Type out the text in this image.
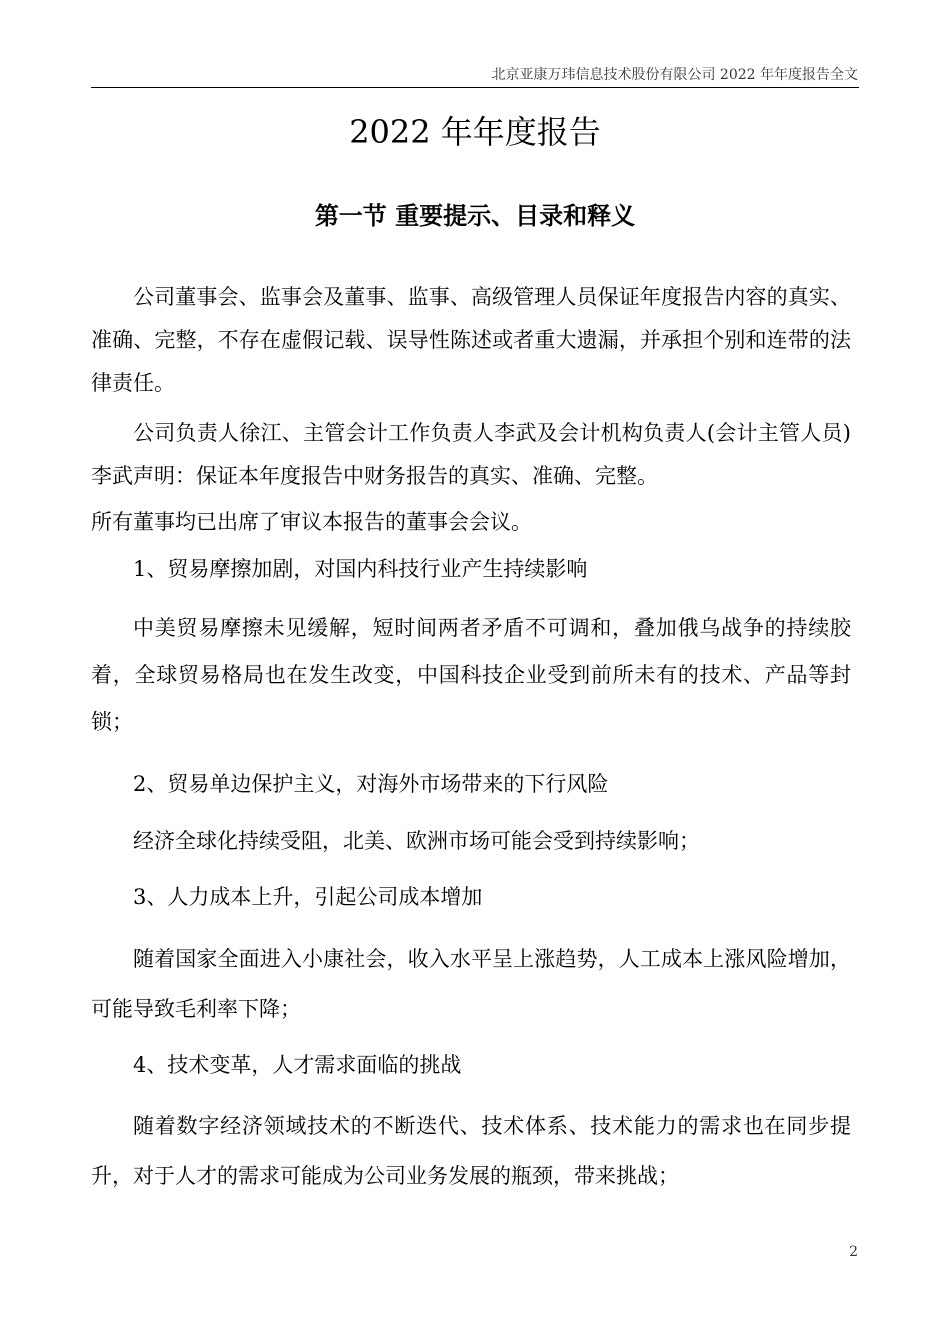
北京亚康万玮信息技术股份有限公司 2022 年年度报告全文
2022 年年度报告
第一节 重要提示、目录和释义

公司董事会、监事会及董事、监事、高级管理人员保证年度报告内容的真实、准确、完整，不存在虚假记载、误导性陈述或者重大遗漏，并承担个别和连带的法律责任。

公司负责人徐江、主管会计工作负责人李武及会计机构负责人(会计主管人员)李武声明：保证本年度报告中财务报告的真实、准确、完整。

所有董事均已出席了审议本报告的董事会会议。

1、贸易摩擦加剧，对国内科技行业产生持续影响

中美贸易摩擦未见缓解，短时间两者矛盾不可调和，叠加俄乌战争的持续胶着，全球贸易格局也在发生改变，中国科技企业受到前所未有的技术、产品等封锁；

2、贸易单边保护主义，对海外市场带来的下行风险

经济全球化持续受阻，北美、欧洲市场可能会受到持续影响；

3、人力成本上升，引起公司成本增加

随着国家全面进入小康社会，收入水平呈上涨趋势，人工成本上涨风险增加，可能导致毛利率下降；

4、技术变革，人才需求面临的挑战

随着数字经济领域技术的不断迭代、技术体系、技术能力的需求也在同步提升，对于人才的需求可能成为公司业务发展的瓶颈，带来挑战；

2
